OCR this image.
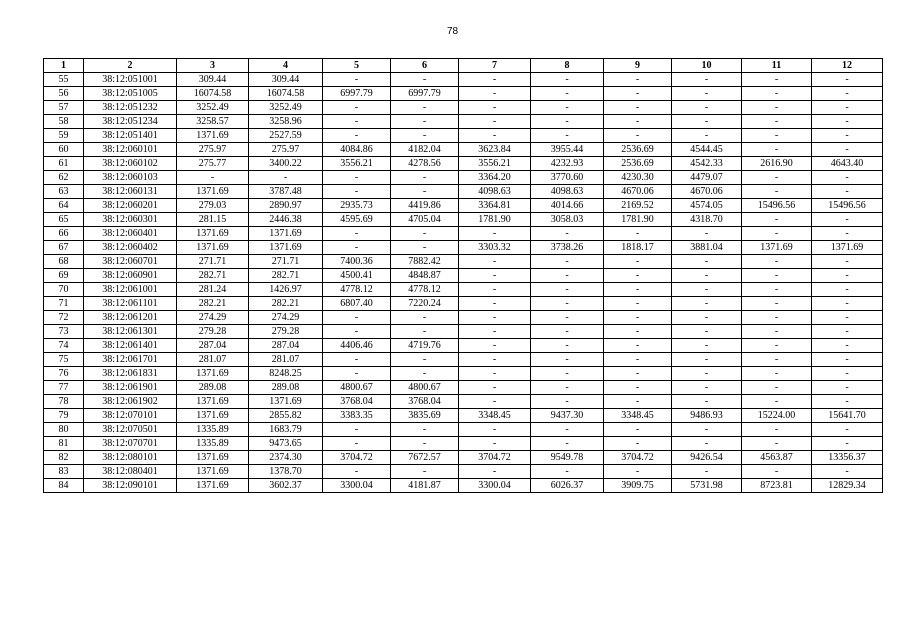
78
1	2	3	4	5	6	7	8	9	10	11	12
55	38:12:051001	309.44	309.44	-	-	-	-	-	-	-	-
56	38:12:051005	16074.58	16074.58	6997.79	6997.79	-	-	-	-	-	-
57	38:12:051232	3252.49	3252.49	-	-	-	-	-	-	-	-
58	38:12:051234	3258.57	3258.96	-	-	-	-	-	-	-	-
59	38:12:051401	1371.69	2527.59	-	-	-	-	-	-	-	-
60	38:12:060101	275.97	275.97	4084.86	4182.04	3623.84	3955.44	2536.69	4544.45	-	-
61	38:12:060102	275.77	3400.22	3556.21	4278.56	3556.21	4232.93	2536.69	4542.33	2616.90	4643.40
62	38:12:060103	-	-	-	-	3364.20	3770.60	4230.30	4479.07	-	-
63	38:12:060131	1371.69	3787.48	-	-	4098.63	4098.63	4670.06	4670.06	-	-
64	38:12:060201	279.03	2890.97	2935.73	4419.86	3364.81	4014.66	2169.52	4574.05	15496.56	15496.56
65	38:12:060301	281.15	2446.38	4595.69	4705.04	1781.90	3058.03	1781.90	4318.70	-	-
66	38:12:060401	1371.69	1371.69	-	-	-	-	-	-	-	-
67	38:12:060402	1371.69	1371.69	-	-	3303.32	3738.26	1818.17	3881.04	1371.69	1371.69
68	38:12:060701	271.71	271.71	7400.36	7882.42	-	-	-	-	-	-
69	38:12:060901	282.71	282.71	4500.41	4848.87	-	-	-	-	-	-
70	38:12:061001	281.24	1426.97	4778.12	4778.12	-	-	-	-	-	-
71	38:12:061101	282.21	282.21	6807.40	7220.24	-	-	-	-	-	-
72	38:12:061201	274.29	274.29	-	-	-	-	-	-	-	-
73	38:12:061301	279.28	279.28	-	-	-	-	-	-	-	-
74	38:12:061401	287.04	287.04	4406.46	4719.76	-	-	-	-	-	-
75	38:12:061701	281.07	281.07	-	-	-	-	-	-	-	-
76	38:12:061831	1371.69	8248.25	-	-	-	-	-	-	-	-
77	38:12:061901	289.08	289.08	4800.67	4800.67	-	-	-	-	-	-
78	38:12:061902	1371.69	1371.69	3768.04	3768.04	-	-	-	-	-	-
79	38:12:070101	1371.69	2855.82	3383.35	3835.69	3348.45	9437.30	3348.45	9486.93	15224.00	15641.70
80	38:12:070501	1335.89	1683.79	-	-	-	-	-	-	-	-
81	38:12:070701	1335.89	9473.65	-	-	-	-	-	-	-	-
82	38:12:080101	1371.69	2374.30	3704.72	7672.57	3704.72	9549.78	3704.72	9426.54	4563.87	13356.37
83	38:12:080401	1371.69	1378.70	-	-	-	-	-	-	-	-
84	38:12:090101	1371.69	3602.37	3300.04	4181.87	3300.04	6026.37	3909.75	5731.98	8723.81	12829.34
